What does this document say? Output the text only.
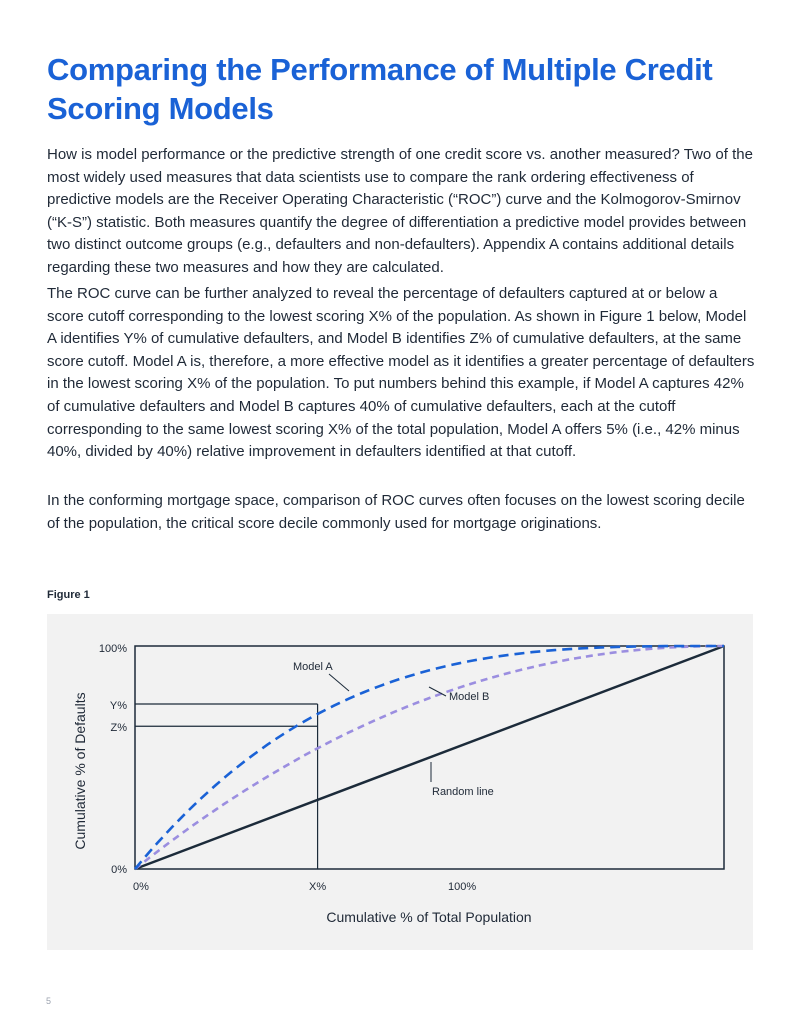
Comparing the Performance of Multiple Credit Scoring Models

How is model performance or the predictive strength of one credit score vs. another measured? Two of the most widely used measures that data scientists use to compare the rank ordering effectiveness of predictive models are the Receiver Operating Characteristic (“ROC”) curve and the Kolmogorov-Smirnov (“K-S”) statistic. Both measures quantify the degree of differentiation a predictive model provides between two distinct outcome groups (e.g., defaulters and non-defaulters). Appendix A contains additional details regarding these two measures and how they are calculated.

The ROC curve can be further analyzed to reveal the percentage of defaulters captured at or below a score cutoff corresponding to the lowest scoring X% of the population. As shown in Figure 1 below, Model A identifies Y% of cumulative defaulters, and Model B identifies Z% of cumulative defaulters, at the same score cutoff. Model A is, therefore, a more effective model as it identifies a greater percentage of defaulters in the lowest scoring X% of the population. To put numbers behind this example, if Model A captures 42% of cumulative defaulters and Model B captures 40% of cumulative defaulters, each at the cutoff corresponding to the same lowest scoring X% of the total population, Model A offers 5% (i.e., 42% minus 40%, divided by 40%) relative improvement in defaulters identified at that cutoff.

In the conforming mortgage space, comparison of ROC curves often focuses on the lowest scoring decile of the population, the critical score decile commonly used for mortgage originations.

Figure 1
Model A
Model B
Random line
100%
Y%
Z%
0%
0%	X%	100%
Cumulative % of Total Population
Cumulative % of Defaults
5
